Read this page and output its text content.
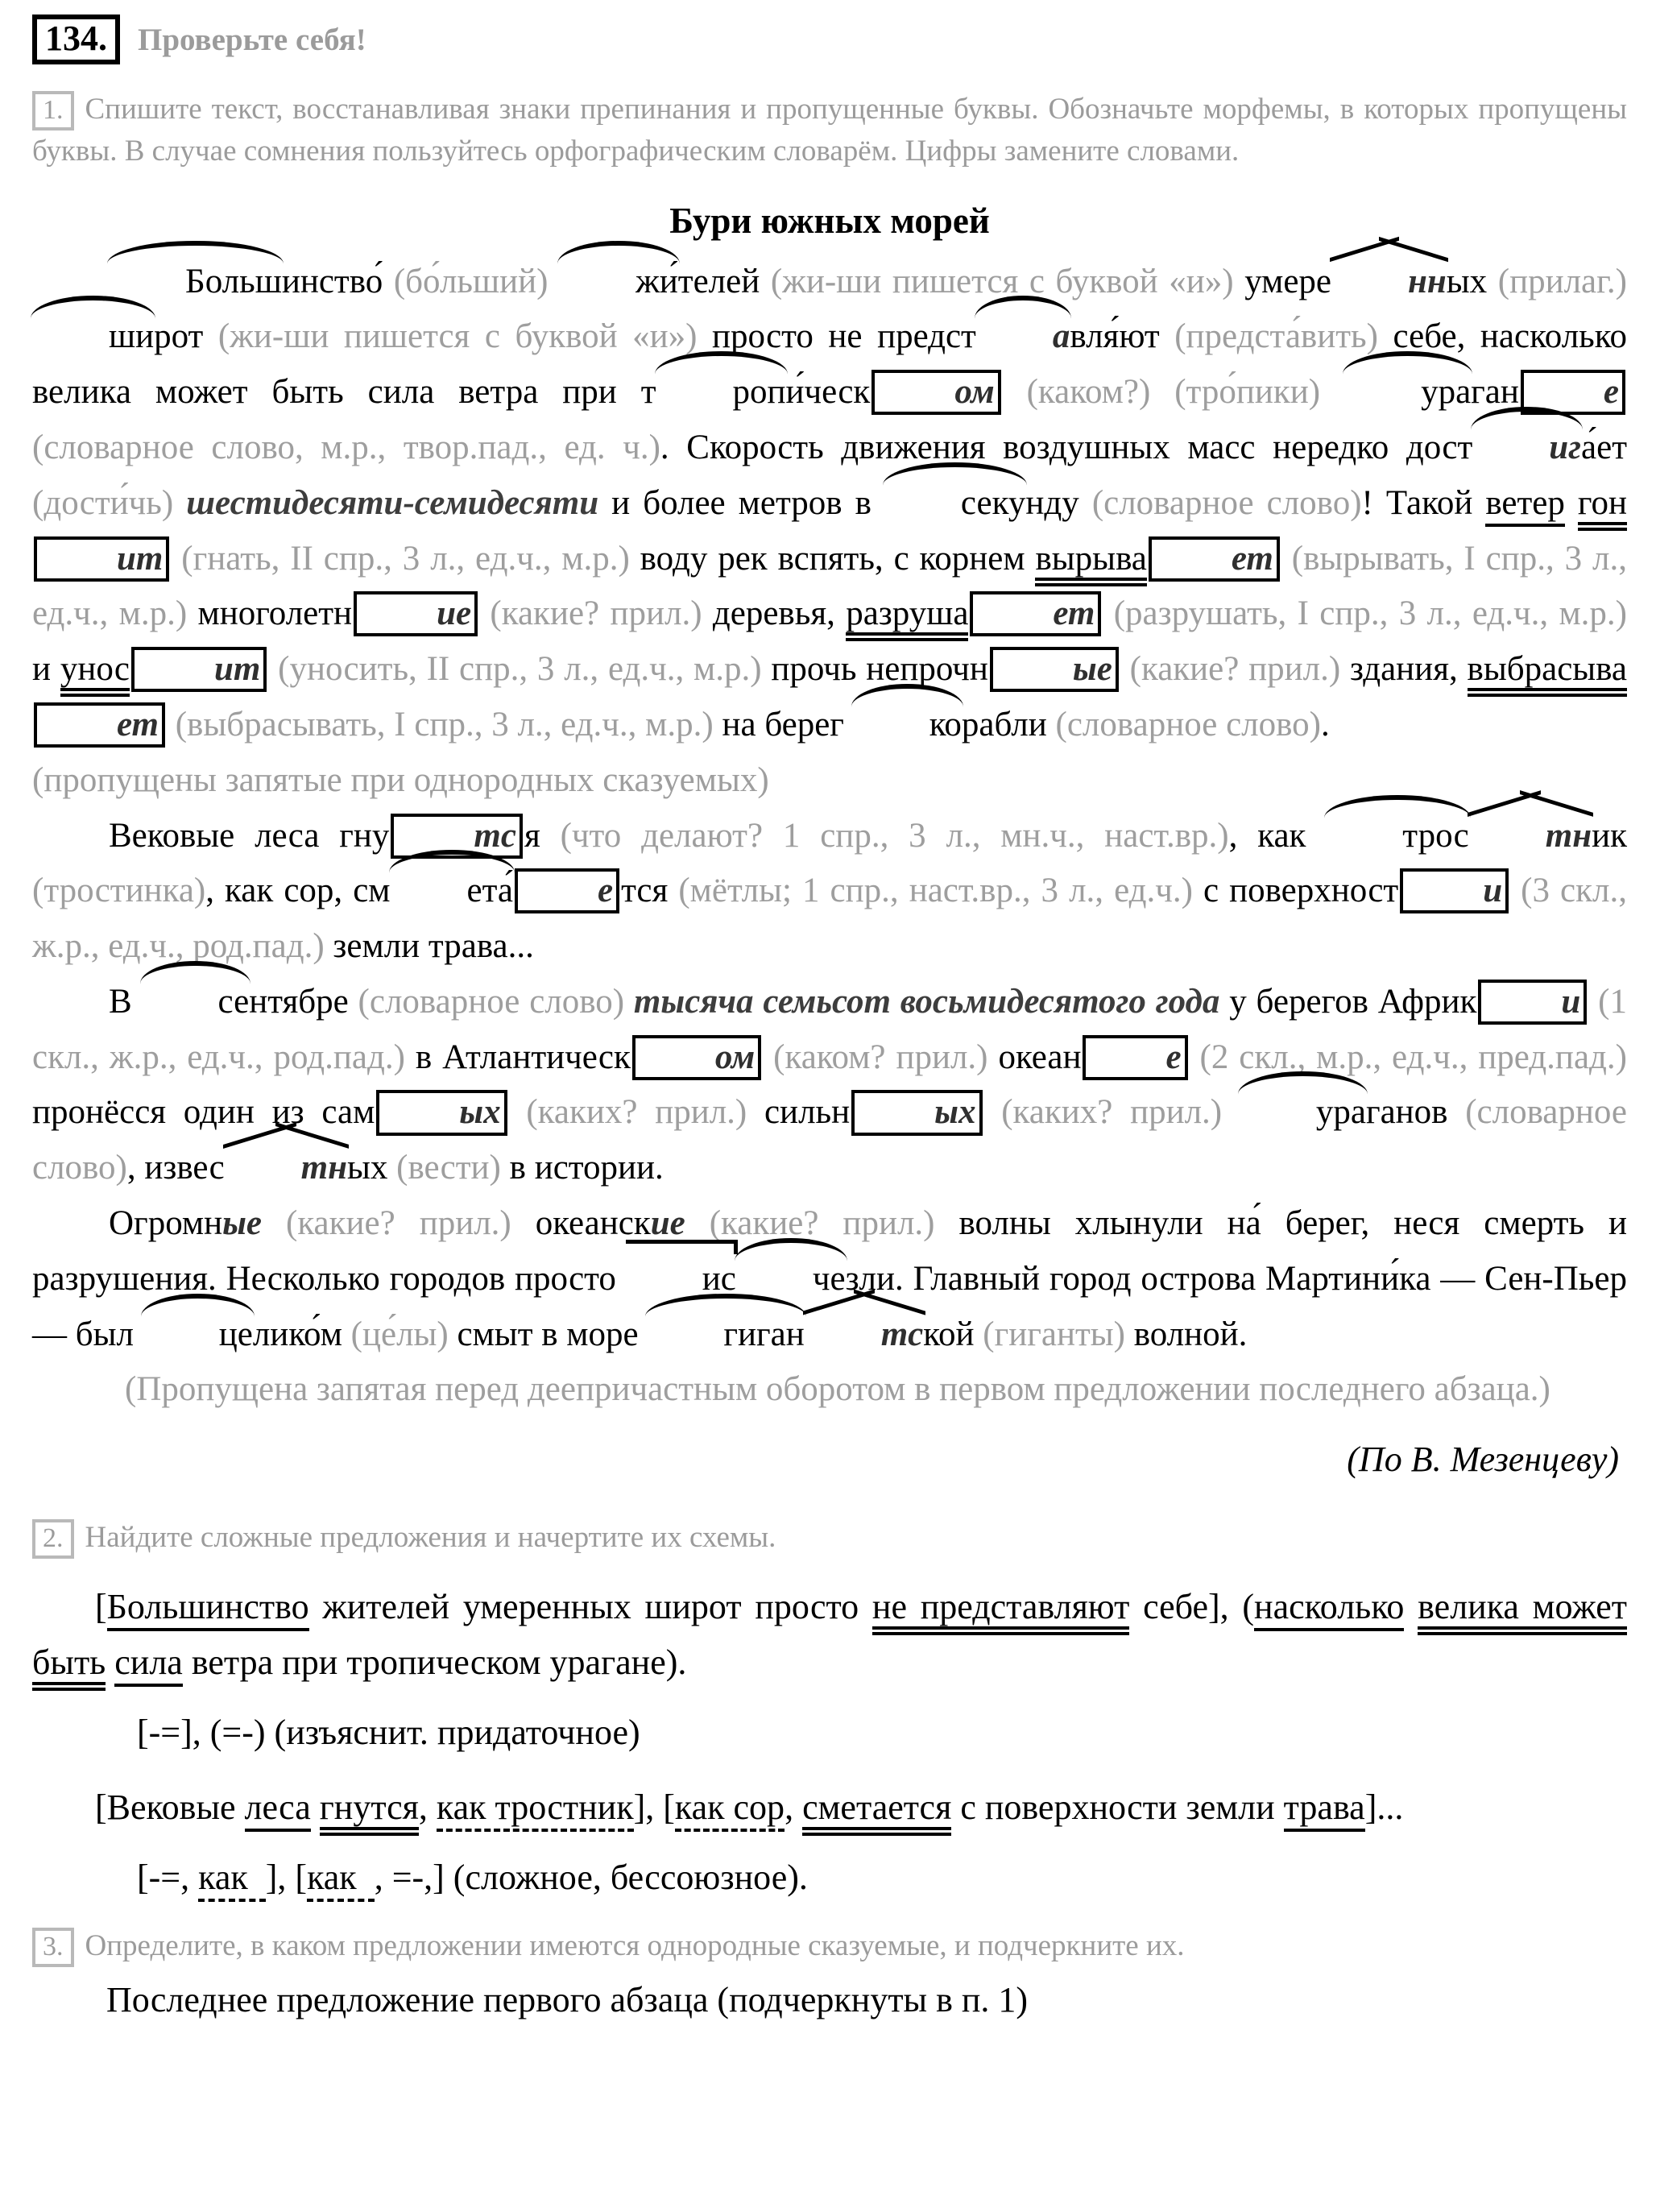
134. Проверьте себя!

1. Спишите текст, восстанавливая знаки препинания и пропущенные буквы. Обозначьте морфемы, в которых пропущены буквы. В случае сомнения пользуйтесь орфографическим словарём. Цифры замените словами.

Бури южных морей

Большинство́ (бо́льший) жи́телей (жи-ши пишется с буквой «и») умере нных (прилаг.) широт (жи-ши пишется с буквой «и») просто не предст авля́ют (предста́вить) себе, насколько велика может быть сила ветра при т ропи́ческ ом (каком?) (тро́пики) ураган е (словарное слово, м.р., твор.пад., ед. ч.). Скорость движения воздушных масс нередко дост ига́ет (дости́чь) шестидесяти-семидесяти и более метров в секунду (словарное слово)! Такой ветер гонит (гнать, II спр., 3 л., ед.ч., м.р.) воду рек вспять, с корнем вырыва ет (вырывать, I спр., 3 л., ед.ч., м.р.) многолетн ие (какие? прил.) деревья, разруша ет (разрушать, I спр., 3 л., ед.ч., м.р.) и унос ит (уносить, II спр., 3 л., ед.ч., м.р.) прочь непрочн ые (какие? прил.) здания, выбрасывает (выбрасывать, I спр., 3 л., ед.ч., м.р.) на берег корабли (словарное слово).

(пропущены запятые при однородных сказуемых)

Вековые леса гну тс я (что делают? 1 спр., 3 л., мн.ч., наст.вр.), как трос тник (тростинка), как сор, см ета́ е тся (мётлы; 1 спр., наст.вр., 3 л., ед.ч.) с поверхност и (3 скл., ж.р., ед.ч., род.пад.) земли трава...

В сентябре (словарное слово) тысяча семьсот восьмидесятого года у берегов Африк и (1 скл., ж.р., ед.ч., род.пад.) в Атлантическ ом (каком? прил.) океан е (2 скл., м.р., ед.ч., пред.пад.) пронёсся один из сам ых (каких? прил.) сильн ых (каких? прил.) ураганов (словарное слово), извес тных (вести) в истории.

Огромные (какие? прил.) океанские (какие? прил.) волны хлынули на́ берег, неся смерть и разрушения. Несколько городов просто ис чезли. Главный город острова Мартини́ка — Сен-Пьер — был целико́м (це́лы) смыт в море гиган тской (гиганты) волной.

(Пропущена запятая перед деепричастным оборотом в первом предложении последнего абзаца.)

(По В. Мезенцеву)

2. Найдите сложные предложения и начертите их схемы.

[Большинство жителей умеренных широт просто не представляют себе], (насколько велика может быть сила ветра при тропическом урагане).

[-=], (=-) (изъяснит. придаточное)

[Вековые леса гнутся, как тростник], [как сор, сметается с поверхности земли трава]...

[-=, как  ], [как  , =-,] (сложное, бессоюзное).

3. Определите, в каком предложении имеются однородные сказуемые, и подчеркните их.

Последнее предложение первого абзаца (подчеркнуты в п. 1)
